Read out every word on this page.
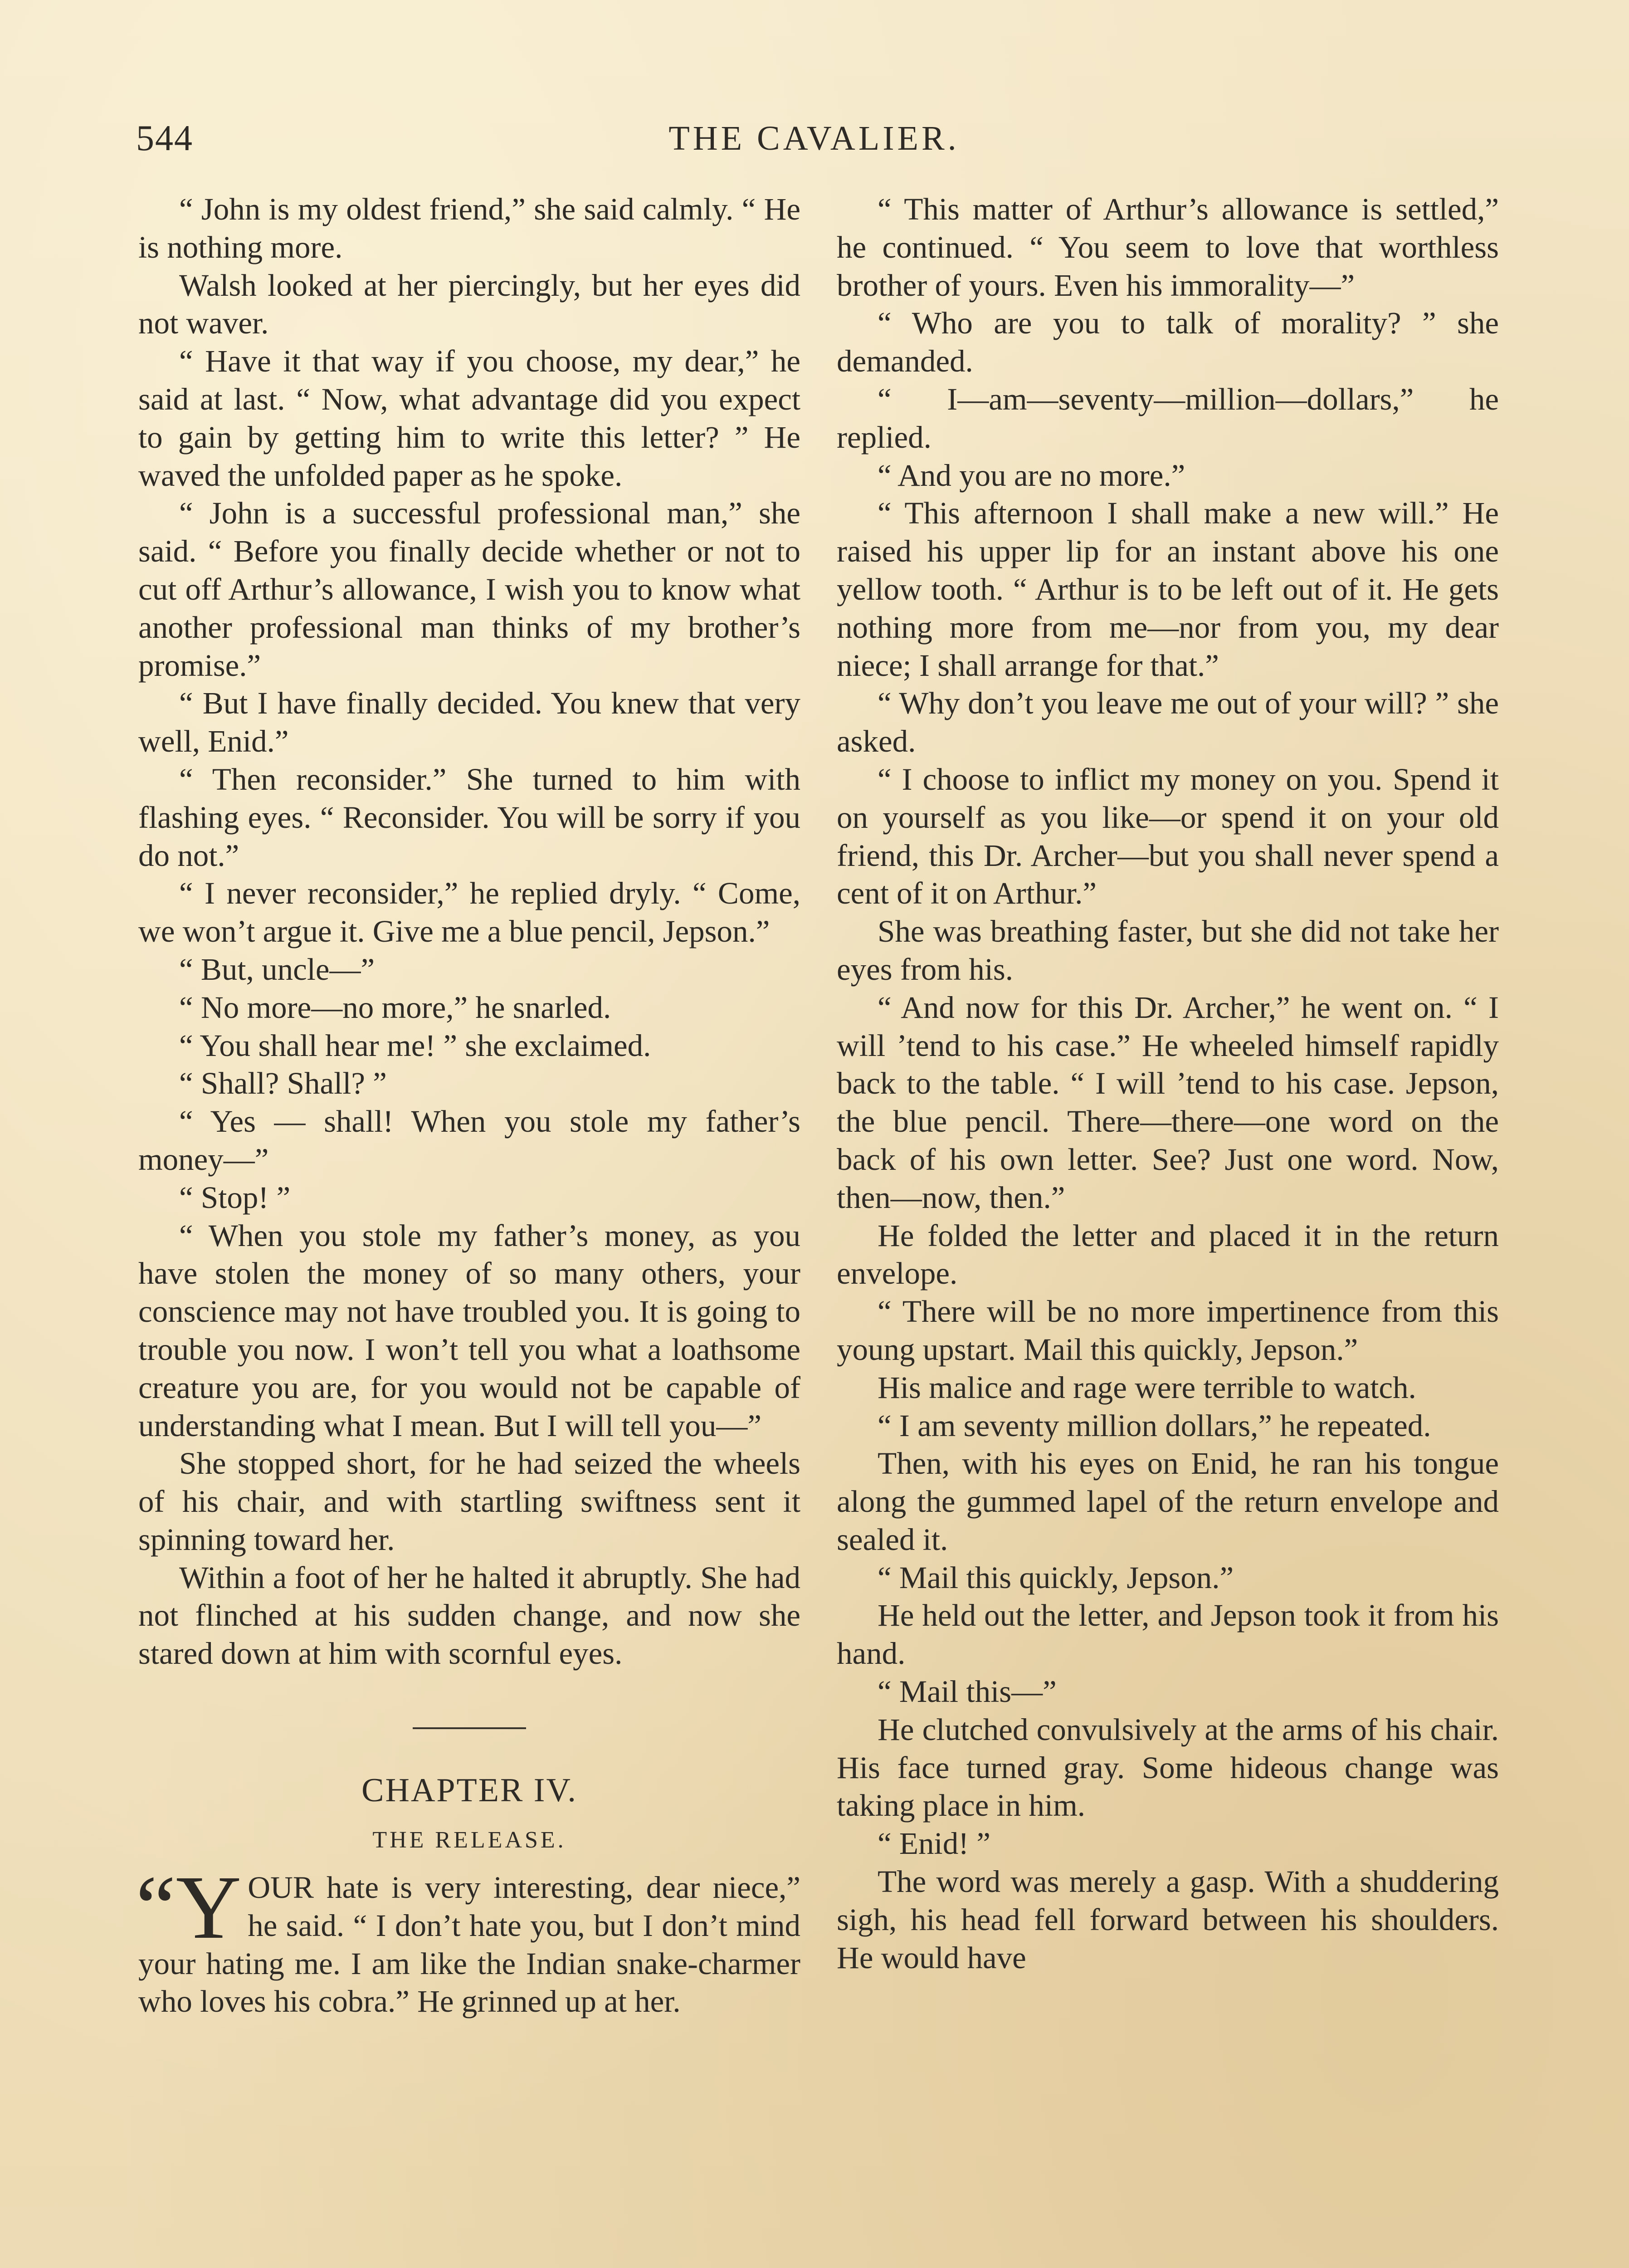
544	THE CAVALIER.

“ John is my oldest friend,” she said calmly. “ He is nothing more.

Walsh looked at her piercingly, but her eyes did not waver.

“ Have it that way if you choose, my dear,” he said at last. “ Now, what advantage did you expect to gain by getting him to write this letter? ” He waved the unfolded paper as he spoke.

“ John is a successful professional man,” she said. “ Before you finally decide whether or not to cut off Arthur’s allowance, I wish you to know what another professional man thinks of my brother’s promise.”

“ But I have finally decided. You knew that very well, Enid.”

“ Then reconsider.” She turned to him with flashing eyes. “ Reconsider. You will be sorry if you do not.”

“ I never reconsider,” he replied dryly. “ Come, we won’t argue it. Give me a blue pencil, Jepson.”

“ But, uncle—”

“ No more—no more,” he snarled.

“ You shall hear me! ” she exclaimed.

“ Shall? Shall? ”

“ Yes — shall! When you stole my father’s money—”

“ Stop! ”

“ When you stole my father’s money, as you have stolen the money of so many others, your conscience may not have troubled you. It is going to trouble you now. I won’t tell you what a loathsome creature you are, for you would not be capable of understanding what I mean. But I will tell you—”

She stopped short, for he had seized the wheels of his chair, and with startling swiftness sent it spinning toward her.

Within a foot of her he halted it abruptly. She had not flinched at his sudden change, and now she stared down at him with scornful eyes.

CHAPTER IV.

THE RELEASE.

“Y OUR hate is very interesting, dear niece,” he said. “ I don’t hate you, but I don’t mind your hating me. I am like the Indian snake-charmer who loves his cobra.” He grinned up at her.

“ This matter of Arthur’s allowance is settled,” he continued. “ You seem to love that worthless brother of yours. Even his immorality—”

“ Who are you to talk of morality? ” she demanded.

“ I—am—seventy—million—dollars,” he replied.

“ And you are no more.”

“ This afternoon I shall make a new will.” He raised his upper lip for an instant above his one yellow tooth. “ Arthur is to be left out of it. He gets nothing more from me—nor from you, my dear niece; I shall arrange for that.”

“ Why don’t you leave me out of your will? ” she asked.

“ I choose to inflict my money on you. Spend it on yourself as you like—or spend it on your old friend, this Dr. Archer—but you shall never spend a cent of it on Arthur.”

She was breathing faster, but she did not take her eyes from his.

“ And now for this Dr. Archer,” he went on. “ I will ’tend to his case.” He wheeled himself rapidly back to the table. “ I will ’tend to his case. Jepson, the blue pencil. There—there—one word on the back of his own letter. See? Just one word. Now, then—now, then.”

He folded the letter and placed it in the return envelope.

“ There will be no more impertinence from this young upstart. Mail this quickly, Jepson.”

His malice and rage were terrible to watch.

“ I am seventy million dollars,” he repeated.

Then, with his eyes on Enid, he ran his tongue along the gummed lapel of the return envelope and sealed it.

“ Mail this quickly, Jepson.”

He held out the letter, and Jepson took it from his hand.

“ Mail this—”

He clutched convulsively at the arms of his chair. His face turned gray. Some hideous change was taking place in him.

“ Enid! ”

The word was merely a gasp. With a shuddering sigh, his head fell forward between his shoulders. He would have
